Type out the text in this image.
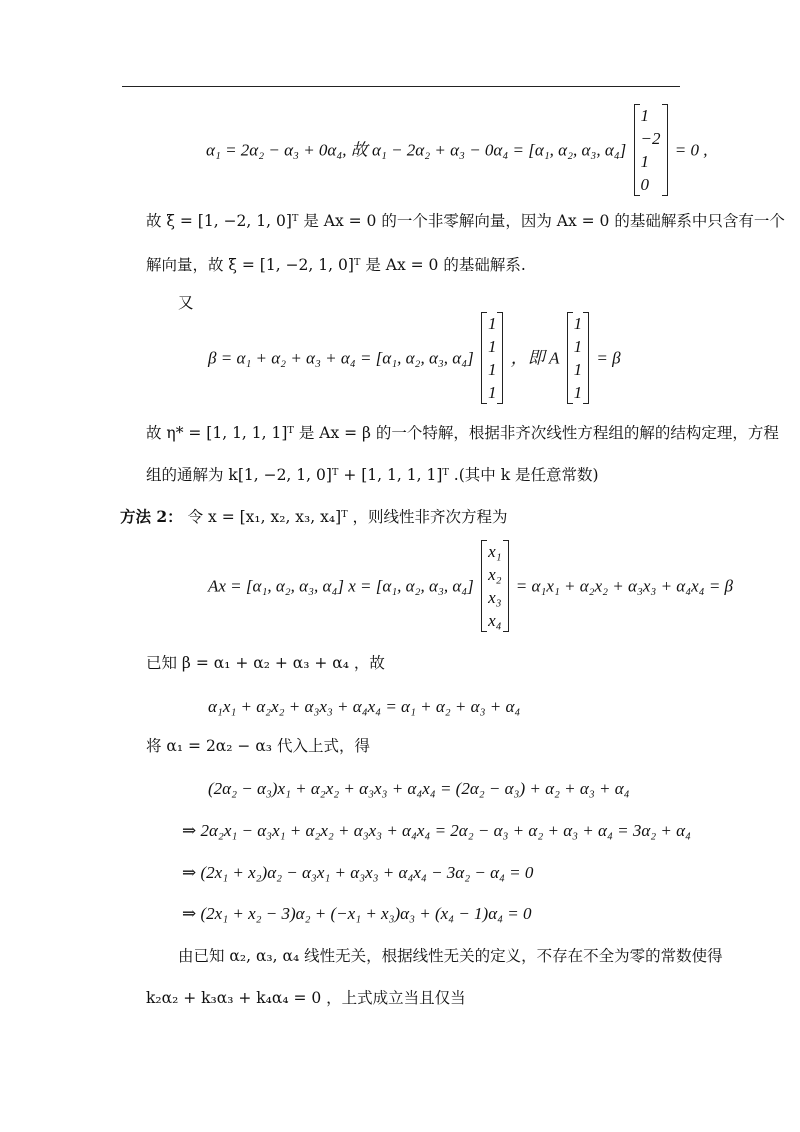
α₁ = 2α₂ − α₃ + 0α₄, 故 α₁ − 2α₂ + α₃ − 0α₄ = [α₁, α₂, α₃, α₄]
1
−2
1
0
= 0 ,
故 ξ = [1, −2, 1, 0]ᵀ 是 Ax = 0 的一个非零解向量，因为 Ax = 0 的基础解系中只含有一个
解向量，故 ξ = [1, −2, 1, 0]ᵀ 是 Ax = 0 的基础解系.
又
β = α₁ + α₂ + α₃ + α₄ = [α₁, α₂, α₃, α₄]
1
1
1
1
，即 A
1
1
1
1
= β
故 η* = [1, 1, 1, 1]ᵀ 是 Ax = β 的一个特解，根据非齐次线性方程组的解的结构定理，方程
组的通解为 k[1, −2, 1, 0]ᵀ + [1, 1, 1, 1]ᵀ .(其中 k 是任意常数)
方法 2： 令 x = [x₁, x₂, x₃, x₄]ᵀ ，则线性非齐次方程为
Ax = [α₁, α₂, α₃, α₄] x = [α₁, α₂, α₃, α₄]
x₁
x₂
x₃
x₄
= α₁x₁ + α₂x₂ + α₃x₃ + α₄x₄ = β
已知 β = α₁ + α₂ + α₃ + α₄ ，故
α₁x₁ + α₂x₂ + α₃x₃ + α₄x₄ = α₁ + α₂ + α₃ + α₄
将 α₁ = 2α₂ − α₃ 代入上式，得
(2α₂ − α₃)x₁ + α₂x₂ + α₃x₃ + α₄x₄ = (2α₂ − α₃) + α₂ + α₃ + α₄
⇒ 2α₂x₁ − α₃x₁ + α₂x₂ + α₃x₃ + α₄x₄ = 2α₂ − α₃ + α₂ + α₃ + α₄ = 3α₂ + α₄
⇒ (2x₁ + x₂)α₂ − α₃x₁ + α₃x₃ + α₄x₄ − 3α₂ − α₄ = 0
⇒ (2x₁ + x₂ − 3)α₂ + (−x₁ + x₃)α₃ + (x₄ − 1)α₄ = 0
由已知 α₂, α₃, α₄ 线性无关，根据线性无关的定义，不存在不全为零的常数使得
k₂α₂ + k₃α₃ + k₄α₄ = 0 ，上式成立当且仅当
